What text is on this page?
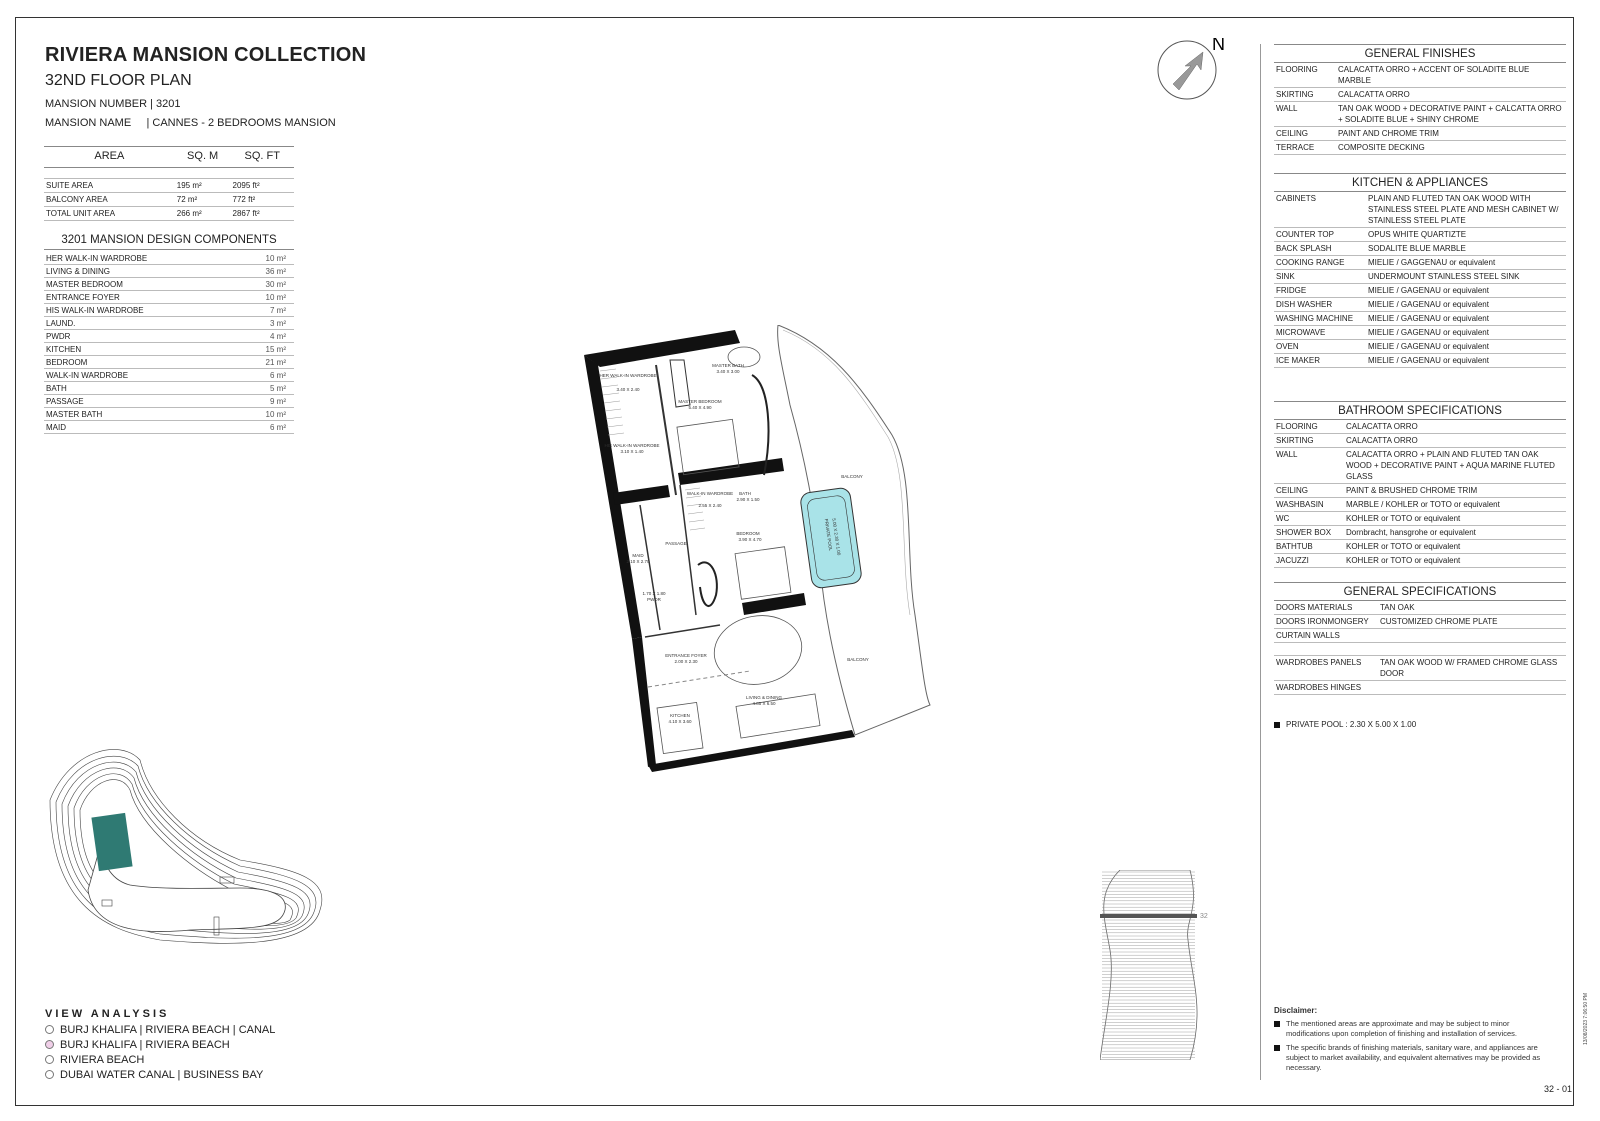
RIVIERA MANSION COLLECTION
32ND FLOOR PLAN
MANSION NUMBER | 3201
MANSION NAME     | CANNES - 2 BEDROOMS MANSION
AREA	SQ. M	SQ. FT

SUITE AREA	195 m²	2095 ft²
BALCONY AREA	72 m²	772 ft²
TOTAL UNIT AREA	266 m²	2867 ft²
3201 MANSION DESIGN COMPONENTS
HER WALK-IN WARDROBE	10 m²
LIVING & DINING	36 m²
MASTER BEDROOM	30 m²
ENTRANCE FOYER	10 m²
HIS WALK-IN WARDROBE	7 m²
LAUND.	3 m²
PWDR	4 m²
KITCHEN	15 m²
BEDROOM	21 m²
WALK-IN WARDROBE	6 m²
BATH	5 m²
PASSAGE	9 m²
MASTER BATH	10 m²
MAID	6 m²
N
HER WALK-IN WARDROBE
3.40 X 2.40
MASTER BATH
3.40 X 3.00
MASTER BEDROOM
5.40 X 4.90
HIS WALK-IN WARDROBE
3.10 X 1.40
WALK-IN WARDROBE
2.55 X 2.40
BATH
2.90 X 1.50
BEDROOM
3.90 X 4.70
MAID
2.10 X 2.70
PASSAGE
PWDR
1.70 X 1.80
ENTRANCE FOYER
2.00 X 2.30
LIVING & DINING
4.85 X 6.50
KITCHEN
4.10 X 3.60
BALCONY
BALCONY
PRIVATE POOL
5.00 X 2.30 X 1.00
GENERAL FINISHES
FLOORING	CALACATTA ORRO + ACCENT OF SOLADITE BLUE MARBLE
SKIRTING	CALACATTA ORRO
WALL	TAN OAK WOOD + DECORATIVE PAINT + CALCATTA ORRO + SOLADITE BLUE + SHINY CHROME
CEILING	PAINT AND CHROME TRIM
TERRACE	COMPOSITE DECKING
KITCHEN & APPLIANCES
CABINETS	PLAIN AND FLUTED TAN OAK WOOD WITH STAINLESS STEEL PLATE AND MESH CABINET W/ STAINLESS STEEL PLATE
COUNTER TOP	OPUS WHITE QUARTIZTE
BACK SPLASH	SODALITE BLUE MARBLE
COOKING RANGE	MIELIE / GAGGENAU or equivalent
SINK	UNDERMOUNT STAINLESS STEEL SINK
FRIDGE	MIELIE / GAGENAU or equivalent
DISH WASHER	MIELIE / GAGENAU or equivalent
WASHING MACHINE	MIELIE / GAGENAU or equivalent
MICROWAVE	MIELIE / GAGENAU or equivalent
OVEN	MIELIE / GAGENAU or equivalent
ICE MAKER	MIELIE / GAGENAU or equivalent
BATHROOM SPECIFICATIONS
FLOORING	CALACATTA ORRO
SKIRTING	CALACATTA ORRO
WALL	CALACATTA ORRO + PLAIN AND FLUTED TAN OAK WOOD + DECORATIVE PAINT + AQUA MARINE FLUTED GLASS
CEILING	PAINT & BRUSHED CHROME TRIM
WASHBASIN	MARBLE / KOHLER or TOTO or equivalent
WC	KOHLER or TOTO or equivalent
SHOWER BOX	Dornbracht, hansgrohe or equivalent
BATHTUB	KOHLER or TOTO or equivalent
JACUZZI	KOHLER or TOTO or equivalent
GENERAL SPECIFICATIONS
DOORS MATERIALS	TAN OAK
DOORS IRONMONGERY	CUSTOMIZED CHROME PLATE
CURTAIN WALLS	

WARDROBES PANELS	TAN OAK WOOD W/ FRAMED CHROME GLASS DOOR
WARDROBES HINGES	
PRIVATE POOL : 2.30 X 5.00 X 1.00
32
VIEW ANALYSIS
BURJ KHALIFA | RIVIERA BEACH | CANAL
BURJ KHALIFA | RIVIERA BEACH
RIVIERA BEACH
DUBAI WATER CANAL | BUSINESS BAY
Disclaimer:
The mentioned areas are approximate and may be subject to minor modifications upon completion of finishing and installation of services.
The specific brands of finishing materials, sanitary ware, and appliances are subject to market availability, and equivalent alternatives may be provided as necessary.
32 - 01
13/08/2023 7:06:50 PM
